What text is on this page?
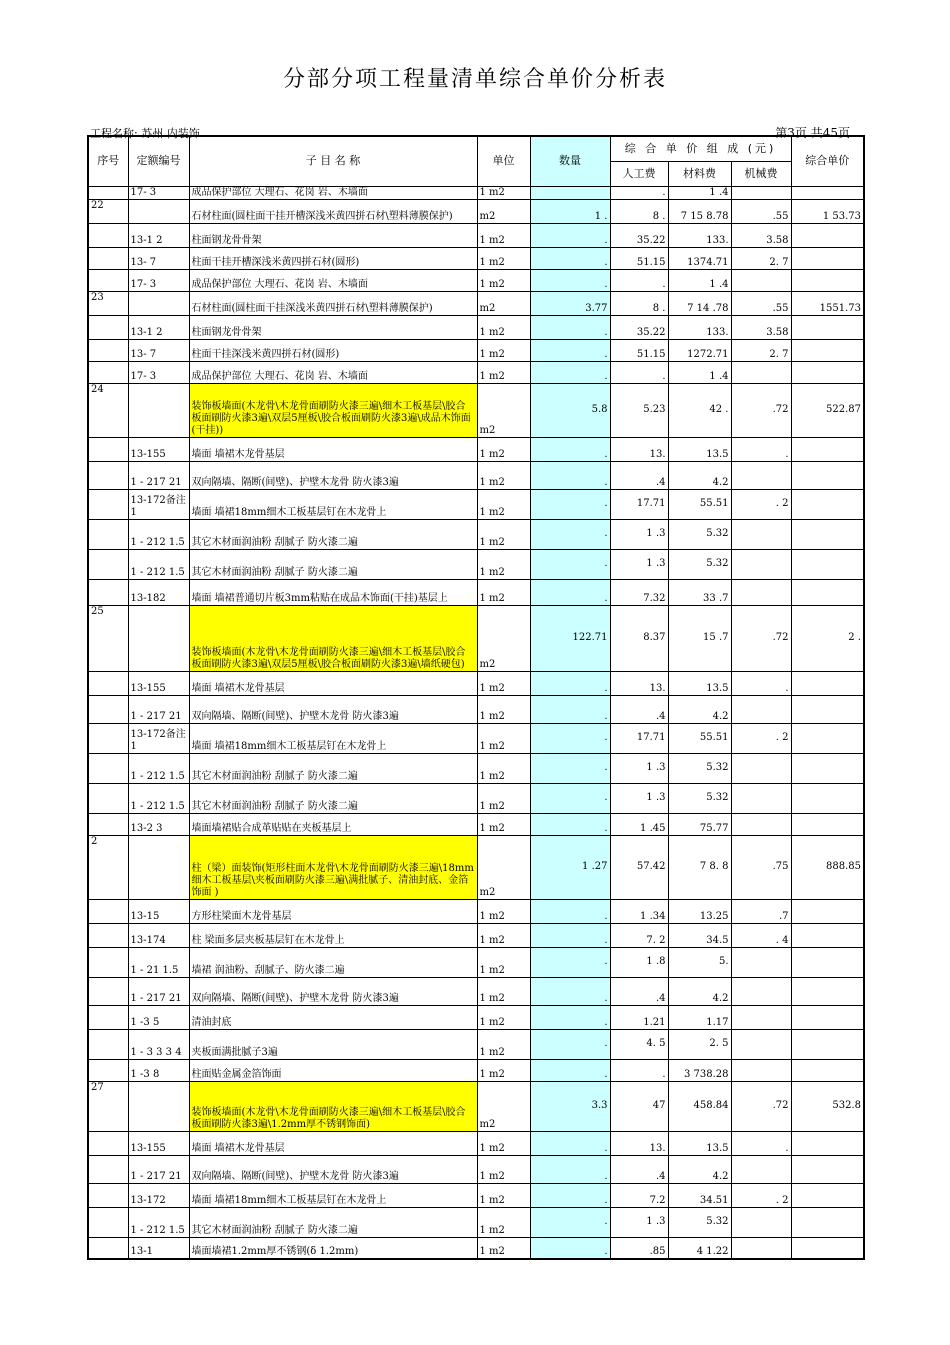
分部分项工程量清单综合单价分析表
工程名称: 苏州 内装饰	第3页 共45页
序号	定额编号	子 目 名 称	单位	数量	综 合 单 价 组 成 (元)			综合单价
					人工费	材料费	机械费	
	17- 3	成品保护部位 大理石、花岗 岩、木墙面	1 m2		.	1 .4		
22		石材柱面(圆柱面干挂开槽深浅米黄四拼石材\塑料薄膜保护)	m2	1 .	8 .	7 15 8.78	.55	1 53.73
	13-1 2	柱面钢龙骨骨架	1 m2	.	35.22	133.	3.58	
	13- 7	柱面干挂开槽深浅米黄四拼石材(圆形)	1 m2	.	51.15	1374.71	2. 7	
	17- 3	成品保护部位 大理石、花岗 岩、木墙面	1 m2	.	.	1 .4		
23		石材柱面(圆柱面干挂深浅米黄四拼石材\塑料薄膜保护)	m2	3.77	8 .	7 14 .78	.55	1551.73
	13-1 2	柱面钢龙骨骨架	1 m2	.	35.22	133.	3.58	
	13- 7	柱面干挂深浅米黄四拼石材(圆形)	1 m2	.	51.15	1272.71	2. 7	
	17- 3	成品保护部位 大理石、花岗 岩、木墙面	1 m2	.	.	1 .4		
24		装饰板墙面(木龙骨\木龙骨面刷防火漆三遍\细木工板基层\胶合板面刷防火漆3遍\双层5厘板\胶合板面刷防火漆3遍\成品木饰面(干挂))	m2	5.8	5.23	42 .	.72	522.87
	13-155	墙面 墙裙木龙骨基层	1 m2	.	13.	13.5	.	
	1 - 217 21	双向隔墙、隔断(间壁)、护壁木龙骨 防火漆3遍	1 m2	.	.4	4.2		
	13-172备注1	墙面 墙裙18mm细木工板基层钉在木龙骨上	1 m2	.	17.71	55.51	. 2	
	1 - 212 1.5	其它木材面润油粉 刮腻子 防火漆二遍	1 m2	.	1 .3	5.32		
	1 - 212 1.5	其它木材面润油粉 刮腻子 防火漆二遍	1 m2	.	1 .3	5.32		
	13-182	墙面 墙裙普通切片板3mm粘贴在成品木饰面(干挂)基层上	1 m2	.	7.32	33 .7		
25		装饰板墙面(木龙骨\木龙骨面刷防火漆三遍\细木工板基层\胶合板面刷防火漆3遍\双层5厘板\胶合板面刷防火漆3遍\墙纸硬包)	m2	122.71	8.37	15 .7	.72	2 .
	13-155	墙面 墙裙木龙骨基层	1 m2	.	13.	13.5	.	
	1 - 217 21	双向隔墙、隔断(间壁)、护壁木龙骨 防火漆3遍	1 m2	.	.4	4.2		
	13-172备注1	墙面 墙裙18mm细木工板基层钉在木龙骨上	1 m2	.	17.71	55.51	. 2	
	1 - 212 1.5	其它木材面润油粉 刮腻子 防火漆二遍	1 m2	.	1 .3	5.32		
	1 - 212 1.5	其它木材面润油粉 刮腻子 防火漆二遍	1 m2	.	1 .3	5.32		
	13-2 3	墙面墙裙贴合成革贴贴在夹板基层上	1 m2	.	1 .45	75.77		
2		柱（梁）面装饰(矩形柱面木龙骨\木龙骨面刷防火漆三遍\18mm细木工板基层\夹板面刷防火漆三遍\满批腻子、清油封底、金箔饰面 )	m2	1 .27	57.42	7 8. 8	.75	888.85
	13-15	方形柱梁面木龙骨基层	1 m2	.	1 .34	13.25	.7	
	13-174	柱 梁面多层夹板基层钉在木龙骨上	1 m2	.	7. 2	34.5	. 4	
	1 - 21 1.5	墙裙 润油粉、刮腻子、防火漆二遍	1 m2	.	1 .8	5.		
	1 - 217 21	双向隔墙、隔断(间壁)、护壁木龙骨 防火漆3遍	1 m2	.	.4	4.2		
	1 -3 5	清油封底	1 m2	.	1.21	1.17		
	1 - 3 3 3 4	夹板面满批腻子3遍	1 m2	.	4. 5	2. 5		
	1 -3 8	柱面贴金属金箔饰面	1 m2	.	.	3 738.28		
27		装饰板墙面(木龙骨\木龙骨面刷防火漆三遍\细木工板基层\胶合板面刷防火漆3遍\1.2mm厚不锈钢饰面)	m2	3.3	47	458.84	.72	532.8
	13-155	墙面 墙裙木龙骨基层	1 m2	.	13.	13.5	.	
	1 - 217 21	双向隔墙、隔断(间壁)、护壁木龙骨 防火漆3遍	1 m2	.	.4	4.2		
	13-172	墙面 墙裙18mm细木工板基层钉在木龙骨上	1 m2	.	7.2	34.51	. 2	
	1 - 212 1.5	其它木材面润油粉 刮腻子 防火漆二遍	1 m2	.	1 .3	5.32		
	13-1	墙面墙裙1.2mm厚不锈钢(δ 1.2mm)	1 m2	.	.85	4 1.22		
